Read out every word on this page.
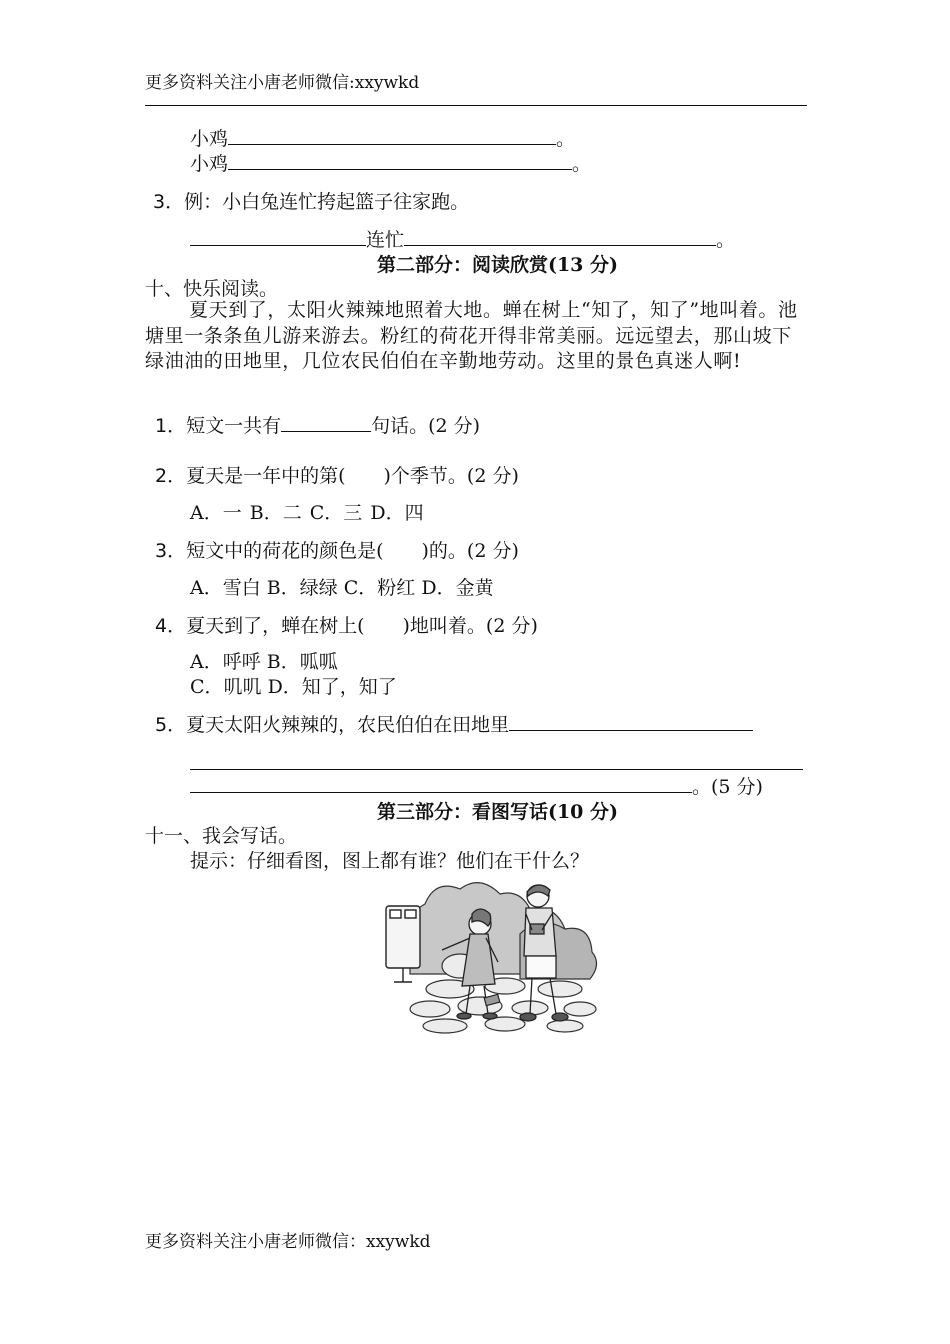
更多资料关注小唐老师微信:xxywkd
小鸡	。
小鸡	。
3．例：小白兔连忙挎起篮子往家跑。
连忙	。
第二部分：阅读欣赏(13 分)
十、快乐阅读。
夏天到了，太阳火辣辣地照着大地。蝉在树上“知了，知了”地叫着。池塘里一条条鱼儿游来游去。粉红的荷花开得非常美丽。远远望去，那山坡下绿油油的田地里，几位农民伯伯在辛勤地劳动。这里的景色真迷人啊!
1．短文一共有	句话。(2 分)
2．夏天是一年中的第(　　)个季节。(2 分)
A．一 B．二 C．三 D．四
3．短文中的荷花的颜色是(　　)的。(2 分)
A．雪白 B．绿绿 C．粉红 D．金黄
4．夏天到了，蝉在树上(　　)地叫着。(2 分)
A．呼呼 B．呱呱
C．叽叽 D．知了，知了
5．夏天太阳火辣辣的，农民伯伯在田地里
。(5 分)
第三部分：看图写话(10 分)
十一、我会写话。
提示：仔细看图，图上都有谁？他们在干什么？
更多资料关注小唐老师微信：xxywkd
